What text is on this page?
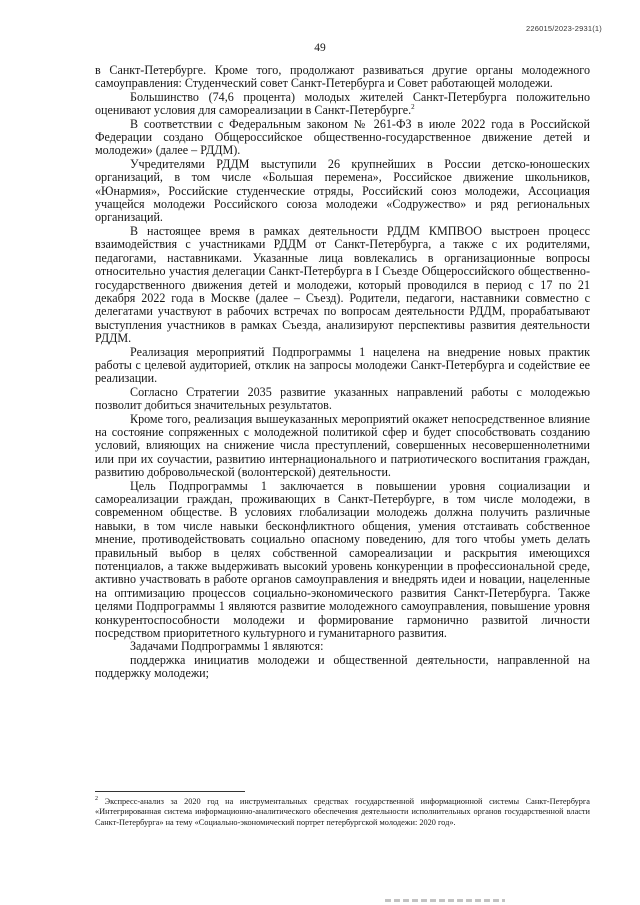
226015/2023-2931(1)
49

в Санкт-Петербурге. Кроме того, продолжают развиваться другие органы молодежного самоуправления: Студенческий совет Санкт-Петербурга и Совет работающей молодежи.

Большинство (74,6 процента) молодых жителей Санкт-Петербурга положительно оценивают условия для самореализации в Санкт-Петербурге.$^2$

В соответствии с Федеральным законом № 261-ФЗ в июле 2022 года в Российской Федерации создано Общероссийское общественно-государственное движение детей и молодежи» (далее – РДДМ).

Учредителями РДДМ выступили 26 крупнейших в России детско-юношеских организаций, в том числе «Большая перемена», Российское движение школьников, «Юнармия», Российские студенческие отряды, Российский союз молодежи, Ассоциация учащейся молодежи Российского союза молодежи «Содружество» и ряд региональных организаций.

В настоящее время в рамках деятельности РДДМ КМПВОО выстроен процесс взаимодействия с участниками РДДМ от Санкт-Петербурга, а также с их родителями, педагогами, наставниками. Указанные лица вовлекались в организационные вопросы относительно участия делегации Санкт-Петербурга в I Съезде Общероссийского общественно-государственного движения детей и молодежи, который проводился в период с 17 по 21 декабря 2022 года в Москве (далее – Съезд). Родители, педагоги, наставники совместно с делегатами участвуют в рабочих встречах по вопросам деятельности РДДМ, прорабатывают выступления участников в рамках Съезда, анализируют перспективы развития деятельности РДДМ.

Реализация мероприятий Подпрограммы 1 нацелена на внедрение новых практик работы с целевой аудиторией, отклик на запросы молодежи Санкт-Петербурга и содействие ее реализации.

Согласно Стратегии 2035 развитие указанных направлений работы с молодежью позволит добиться значительных результатов.

Кроме того, реализация вышеуказанных мероприятий окажет непосредственное влияние на состояние сопряженных с молодежной политикой сфер и будет способствовать созданию условий, влияющих на снижение числа преступлений, совершенных несовершеннолетними или при их соучастии, развитию интернационального и патриотического воспитания граждан, развитию добровольческой (волонтерской) деятельности.

Цель Подпрограммы 1 заключается в повышении уровня социализации и самореализации граждан, проживающих в Санкт-Петербурге, в том числе молодежи, в современном обществе. В условиях глобализации молодежь должна получить различные навыки, в том числе навыки бесконфликтного общения, умения отстаивать собственное мнение, противодействовать социально опасному поведению, для того чтобы уметь делать правильный выбор в целях собственной самореализации и раскрытия имеющихся потенциалов, а также выдерживать высокий уровень конкуренции в профессиональной среде, активно участвовать в работе органов самоуправления и внедрять идеи и новации, нацеленные на оптимизацию процессов социально-экономического развития Санкт-Петербурга. Также целями Подпрограммы 1 являются развитие молодежного самоуправления, повышение уровня конкурентоспособности молодежи и формирование гармонично развитой личности посредством приоритетного культурного и гуманитарного развития.

Задачами Подпрограммы 1 являются:

поддержка инициатив молодежи и общественной деятельности, направленной на поддержку молодежи;

$^2$ Экспресс-анализ за 2020 год на инструментальных средствах государственной информационной системы Санкт-Петербурга «Интегрированная система информационно-аналитического обеспечения деятельности исполнительных органов государственной власти Санкт-Петербурга» на тему «Социально-экономический портрет петербургской молодежи: 2020 год».
